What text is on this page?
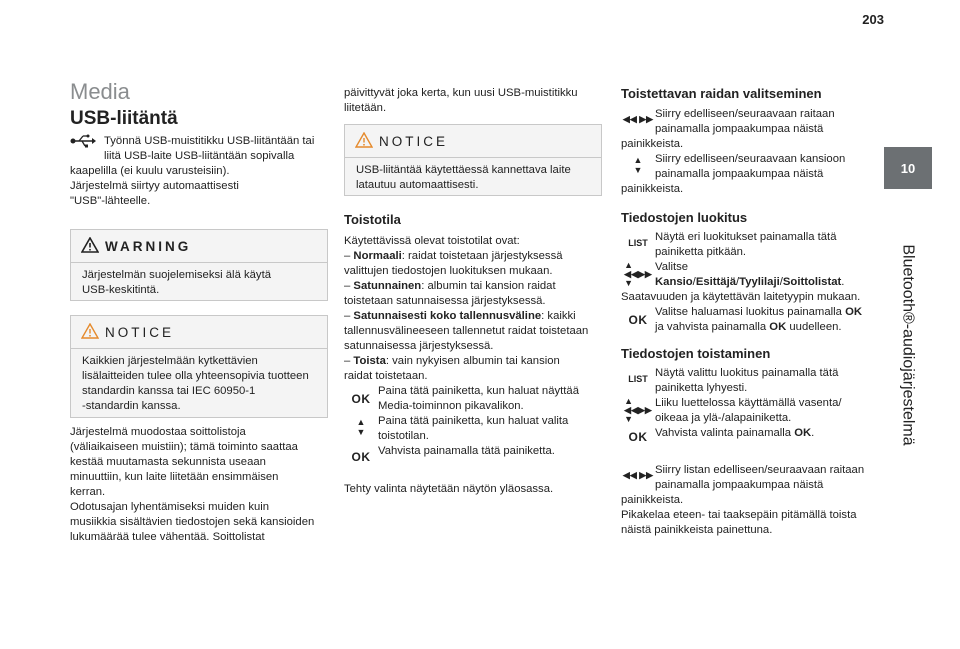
203
10
Bluetooth®-audiojärjestelmä
Media
USB-liitäntä

Työnnä USB-muistitikku USB-liitäntään tai

liitä USB-laite USB-liitäntään sopivalla

kaapelilla (ei kuulu varusteisiin).

Järjestelmä siirtyy automaattisesti

"USB"-lähteelle.

WARNING

Järjestelmän suojelemiseksi älä käytä

USB-keskitintä.

NOTICE

Kaikkien järjestelmään kytkettävien

lisälaitteiden tulee olla yhteensopivia tuotteen

standardin kanssa tai IEC 60950-1

-standardin kanssa.

Järjestelmä muodostaa soittolistoja

(väliaikaiseen muistiin); tämä toiminto saattaa

kestää muutamasta sekunnista useaan

minuuttiin, kun laite liitetään ensimmäisen

kerran.

Odotusajan lyhentämiseksi muiden kuin

musiikkia sisältävien tiedostojen sekä kansioiden

lukumäärää tulee vähentää. Soittolistat

päivittyvät joka kerta, kun uusi USB-muistitikku

liitetään.

NOTICE

USB-liitäntää käytettäessä kannettava laite

latautuu automaattisesti.

Toistotila

Käytettävissä olevat toistotilat ovat:

– Normaali: raidat toistetaan järjestyksessä

valittujen tiedostojen luokituksen mukaan.

– Satunnainen: albumin tai kansion raidat

toistetaan satunnaisessa järjestyksessä.

– Satunnaisesti koko tallennusväline: kaikki

tallennusvälineeseen tallennetut raidat toistetaan

satunnaisessa järjestyksessä.

– Toista: vain nykyisen albumin tai kansion

raidat toistetaan.

OK

Paina tätä painiketta, kun haluat näyttää

Media-toiminnon pikavalikon.

▲
▼

Paina tätä painiketta, kun haluat valita

toistotilan.

OK Vahvista painamalla tätä painiketta.

Tehty valinta näytetään näytön yläosassa.

Toistettavan raidan valitseminen
◀◀ ▶▶ Siirry edelliseen/seuraavaan raitaan

painamalla jompaakumpaa näistä

painikkeista.

▲
▼

Siirry edelliseen/seuraavaan kansioon

painamalla jompaakumpaa näistä

painikkeista.

Tiedostojen luokitus
LIST Näytä eri luokitukset painamalla tätä

painiketta pitkään.

▲
◀◀▶▶
▼

Valitse

Kansio/Esittäjä/Tyylilaji/Soittolistat.

Saatavuuden ja käytettävän laitetyypin mukaan.

OK

Valitse haluamasi luokitus painamalla OK

ja vahvista painamalla OK uudelleen.

Tiedostojen toistaminen
LIST Näytä valittu luokitus painamalla tätä

painiketta lyhyesti.

▲
◀◀▶▶
▼

Liiku luettelossa käyttämällä vasenta/

oikeaa ja ylä-/alapainiketta.

OK Vahvista valinta painamalla OK.

◀◀ ▶▶ Siirry listan edelliseen/seuraavaan raitaan

painamalla jompaakumpaa näistä

painikkeista.

Pikakelaa eteen- tai taaksepäin pitämällä toista

näistä painikkeista painettuna.
